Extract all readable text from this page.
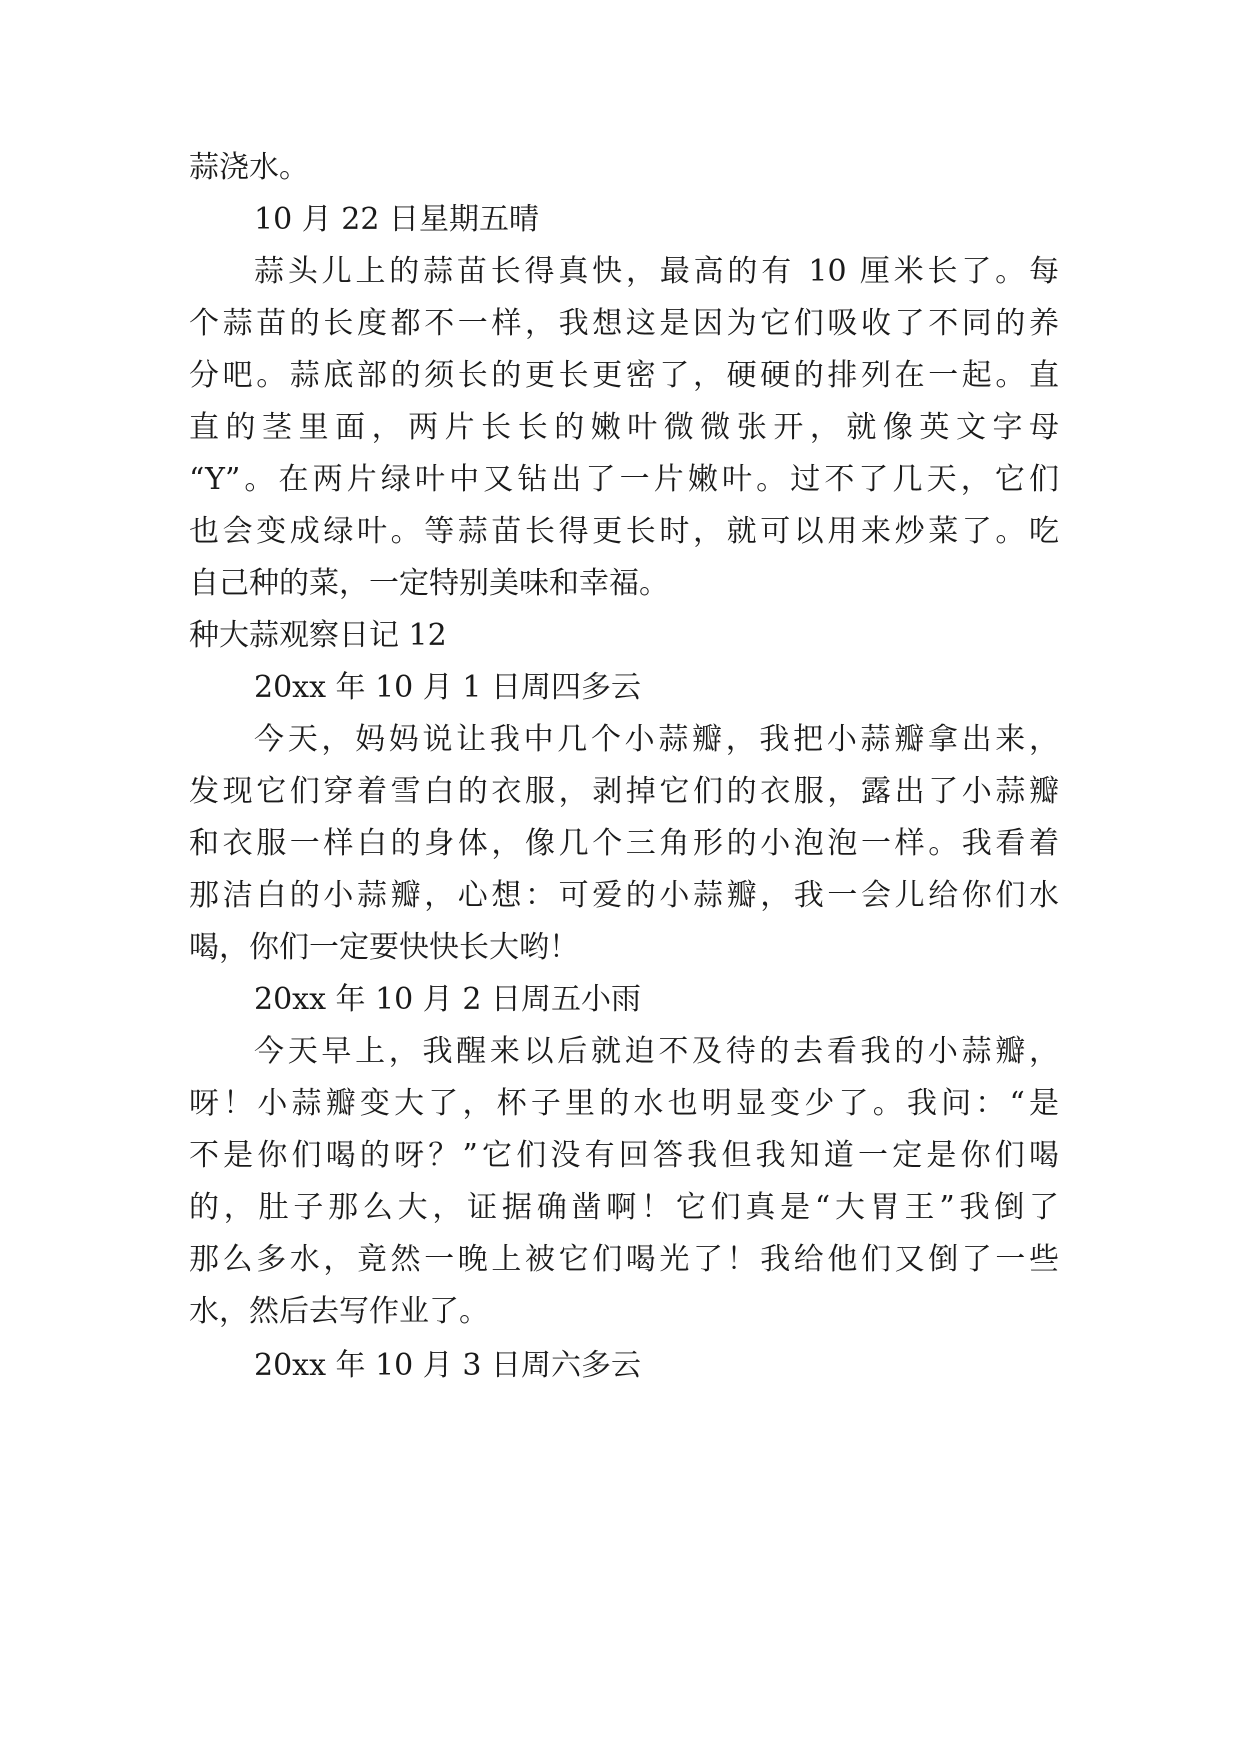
蒜浇水。
10 月 22 日星期五晴
蒜头儿上的蒜苗长得真快，最高的有 10 厘米长了。每
个蒜苗的长度都不一样，我想这是因为它们吸收了不同的养
分吧。蒜底部的须长的更长更密了，硬硬的排列在一起。直
直的茎里面，两片长长的嫩叶微微张开，就像英文字母
“Y”。在两片绿叶中又钻出了一片嫩叶。过不了几天，它们
也会变成绿叶。等蒜苗长得更长时，就可以用来炒菜了。吃
自己种的菜，一定特别美味和幸福。
种大蒜观察日记 12
20xx 年 10 月 1 日周四多云
今天，妈妈说让我中几个小蒜瓣，我把小蒜瓣拿出来，
发现它们穿着雪白的衣服，剥掉它们的衣服，露出了小蒜瓣
和衣服一样白的身体，像几个三角形的小泡泡一样。我看着
那洁白的小蒜瓣，心想：可爱的小蒜瓣，我一会儿给你们水
喝，你们一定要快快长大哟！
20xx 年 10 月 2 日周五小雨
今天早上，我醒来以后就迫不及待的去看我的小蒜瓣，
呀！小蒜瓣变大了，杯子里的水也明显变少了。我问：“是
不是你们喝的呀？”它们没有回答我但我知道一定是你们喝
的，肚子那么大，证据确凿啊！它们真是“大胃王”我倒了
那么多水，竟然一晚上被它们喝光了！我给他们又倒了一些
水，然后去写作业了。
20xx 年 10 月 3 日周六多云
